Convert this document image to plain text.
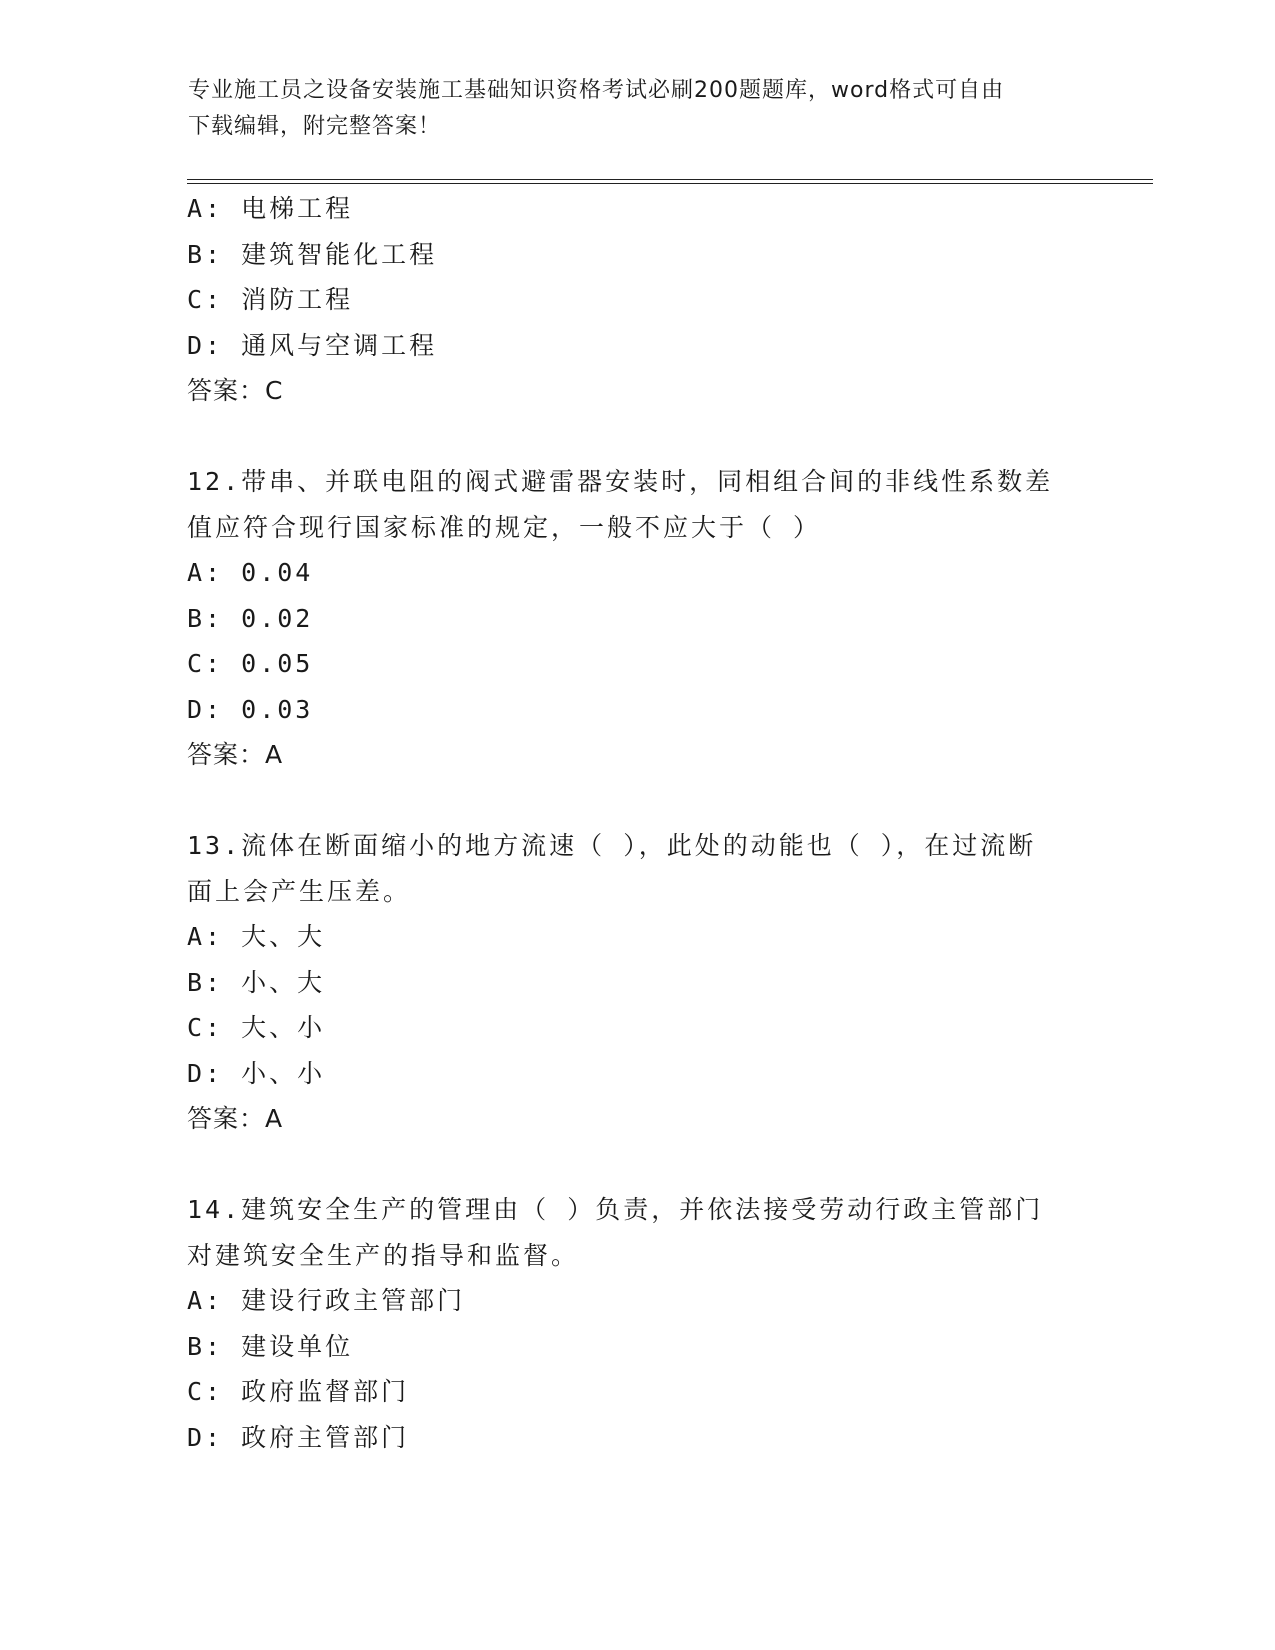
专业施工员之设备安装施工基础知识资格考试必刷200题题库，word格式可自由
下载编辑，附完整答案！
A: 电梯工程
B: 建筑智能化工程
C: 消防工程
D: 通风与空调工程
答案：C
12.带串、并联电阻的阀式避雷器安装时，同相组合间的非线性系数差
值应符合现行国家标准的规定，一般不应大于（ ）
A: 0.04
B: 0.02
C: 0.05
D: 0.03
答案：A
13.流体在断面缩小的地方流速（ ），此处的动能也（ ），在过流断
面上会产生压差。
A: 大、大
B: 小、大
C: 大、小
D: 小、小
答案：A
14.建筑安全生产的管理由（ ）负责，并依法接受劳动行政主管部门
对建筑安全生产的指导和监督。
A: 建设行政主管部门
B: 建设单位
C: 政府监督部门
D: 政府主管部门
